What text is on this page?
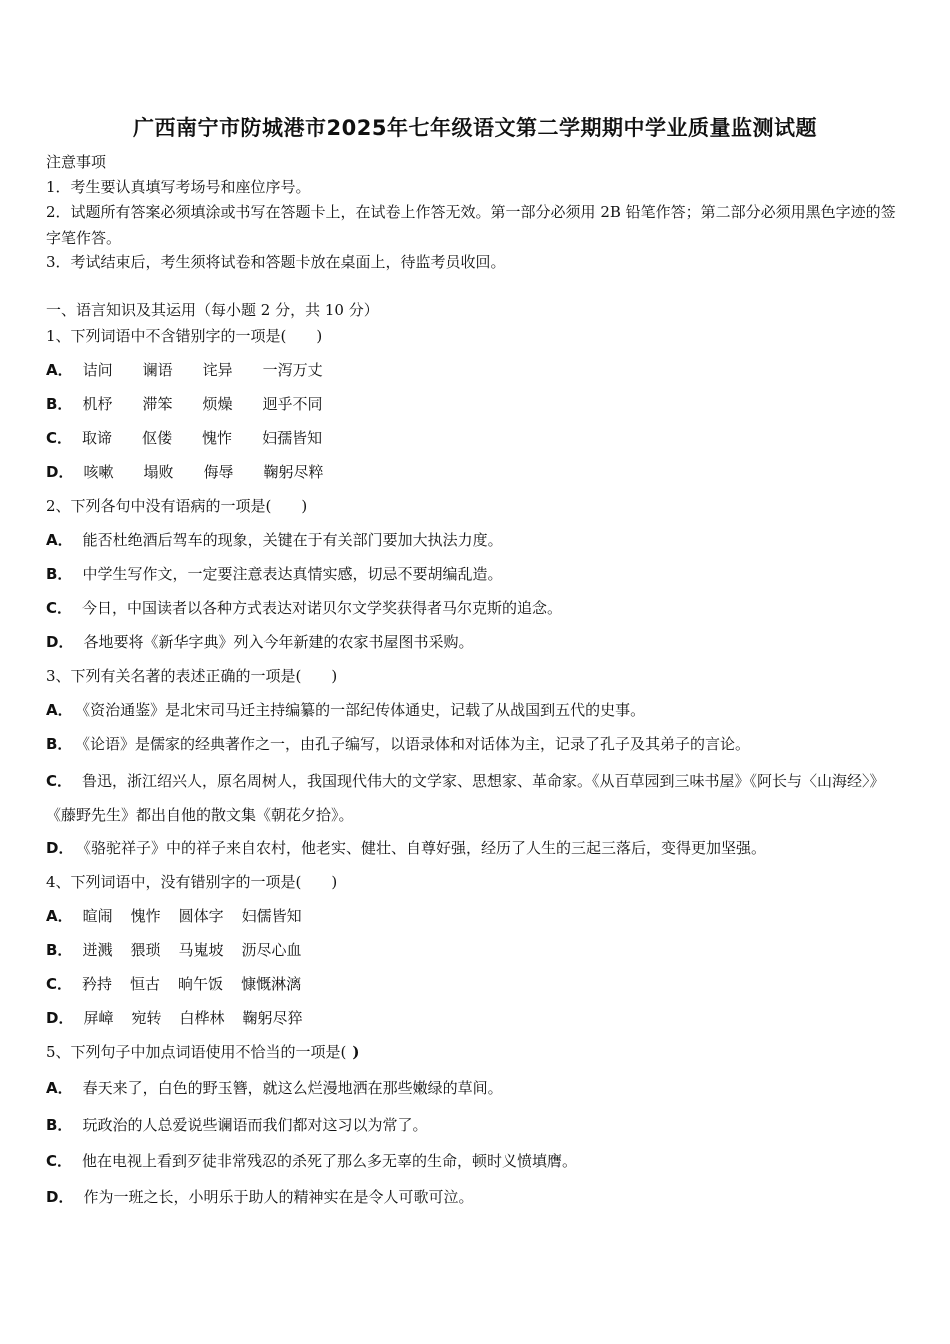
广西南宁市防城港市2025年七年级语文第二学期期中学业质量监测试题
注意事项
1．考生要认真填写考场号和座位序号。
2．试题所有答案必须填涂或书写在答题卡上，在试卷上作答无效。第一部分必须用 2B 铅笔作答；第二部分必须用黑色字迹的签字笔作答。
3．考试结束后，考生须将试卷和答题卡放在桌面上，待监考员收回。
一、语言知识及其运用（每小题 2 分，共 10 分）
1、下列词语中不含错别字的一项是(　　)
A． 诘问 谰语 诧异 一泻万丈
B． 机杼 滞笨 烦燥 迥乎不同
C． 取谛 伛偻 愧怍 妇孺皆知
D． 咳嗽 塌败 侮辱 鞠躬尽粹
2、下列各句中没有语病的一项是(　　)
A． 能否杜绝酒后驾车的现象，关键在于有关部门要加大执法力度。
B． 中学生写作文，一定要注意表达真情实感，切忌不要胡编乱造。
C． 今日，中国读者以各种方式表达对诺贝尔文学奖获得者马尔克斯的追念。
D． 各地要将《新华字典》列入今年新建的农家书屋图书采购。
3、下列有关名著的表述正确的一项是(　　)
A． 《资治通鉴》是北宋司马迁主持编纂的一部纪传体通史，记载了从战国到五代的史事。
B． 《论语》是儒家的经典著作之一，由孔子编写，以语录体和对话体为主，记录了孔子及其弟子的言论。
C． 鲁迅，浙江绍兴人，原名周树人，我国现代伟大的文学家、思想家、革命家。《从百草园到三味书屋》《阿长与〈山海经〉》《藤野先生》都出自他的散文集《朝花夕拾》。
D． 《骆驼祥子》中的祥子来自农村，他老实、健壮、自尊好强，经历了人生的三起三落后，变得更加坚强。
4、下列词语中，没有错别字的一项是(　　)
A． 暄闹 愧怍 圆体字 妇儒皆知
B． 迸溅 猥琐 马嵬坡 沥尽心血
C． 矜持 恒古 晌午饭 慷慨淋漓
D． 屏嶂 宛转 白桦林 鞠躬尽猝
5、下列句子中加点词语使用不恰当的一项是( )
A． 春天来了，白色的野玉簪，就这么烂漫地洒在那些嫩绿的草间。
B． 玩政治的人总爱说些谰语而我们都对这习以为常了。
C． 他在电视上看到歹徒非常残忍的杀死了那么多无辜的生命，顿时义愤填膺。
D． 作为一班之长，小明乐于助人的精神实在是令人可歌可泣。
